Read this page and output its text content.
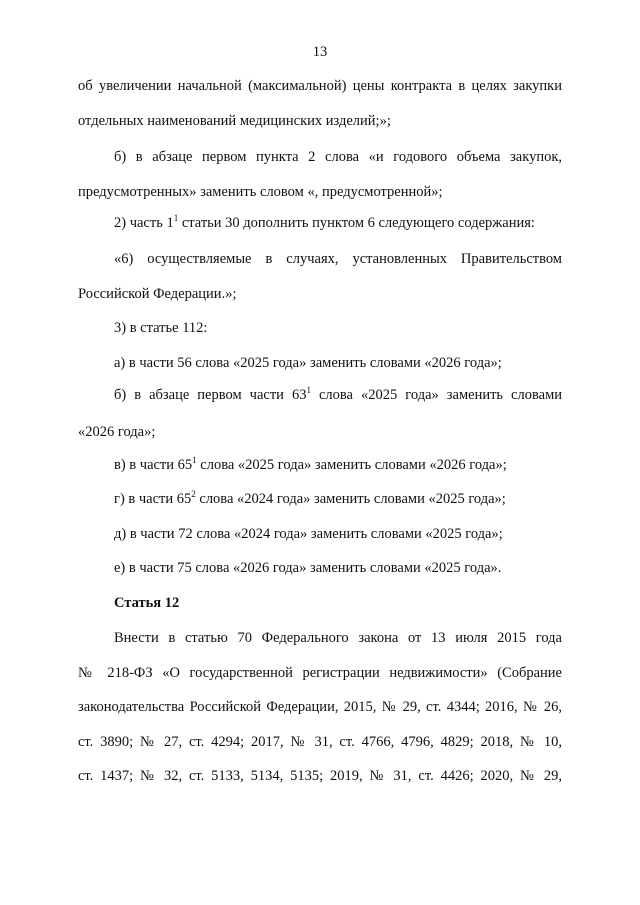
13
об увеличении начальной (максимальной) цены контракта в целях закупки
отдельных наименований медицинских изделий;»;
б) в абзаце первом пункта 2 слова «и годового объема закупок,
предусмотренных» заменить словом «, предусмотренной»;
2) часть $1^1$ статьи 30 дополнить пунктом 6 следующего содержания:
«6) осуществляемые в случаях, установленных Правительством
Российской Федерации.»;
3) в статье 112:
а) в части 56 слова «2025 года» заменить словами «2026 года»;
б) в абзаце первом части $63^1$ слова «2025 года» заменить словами
«2026 года»;
в) в части $65^1$ слова «2025 года» заменить словами «2026 года»;
г) в части $65^2$ слова «2024 года» заменить словами «2025 года»;
д) в части 72 слова «2024 года» заменить словами «2025 года»;
е) в части 75 слова «2026 года» заменить словами «2025 года».
Статья 12
Внести в статью 70 Федерального закона от 13 июля 2015 года
№ 218-ФЗ «О государственной регистрации недвижимости» (Собрание
законодательства Российской Федерации, 2015, № 29, ст. 4344; 2016, № 26,
ст. 3890; № 27, ст. 4294; 2017, № 31, ст. 4766, 4796, 4829; 2018, № 10,
ст. 1437; № 32, ст. 5133, 5134, 5135; 2019, № 31, ст. 4426; 2020, № 29,
